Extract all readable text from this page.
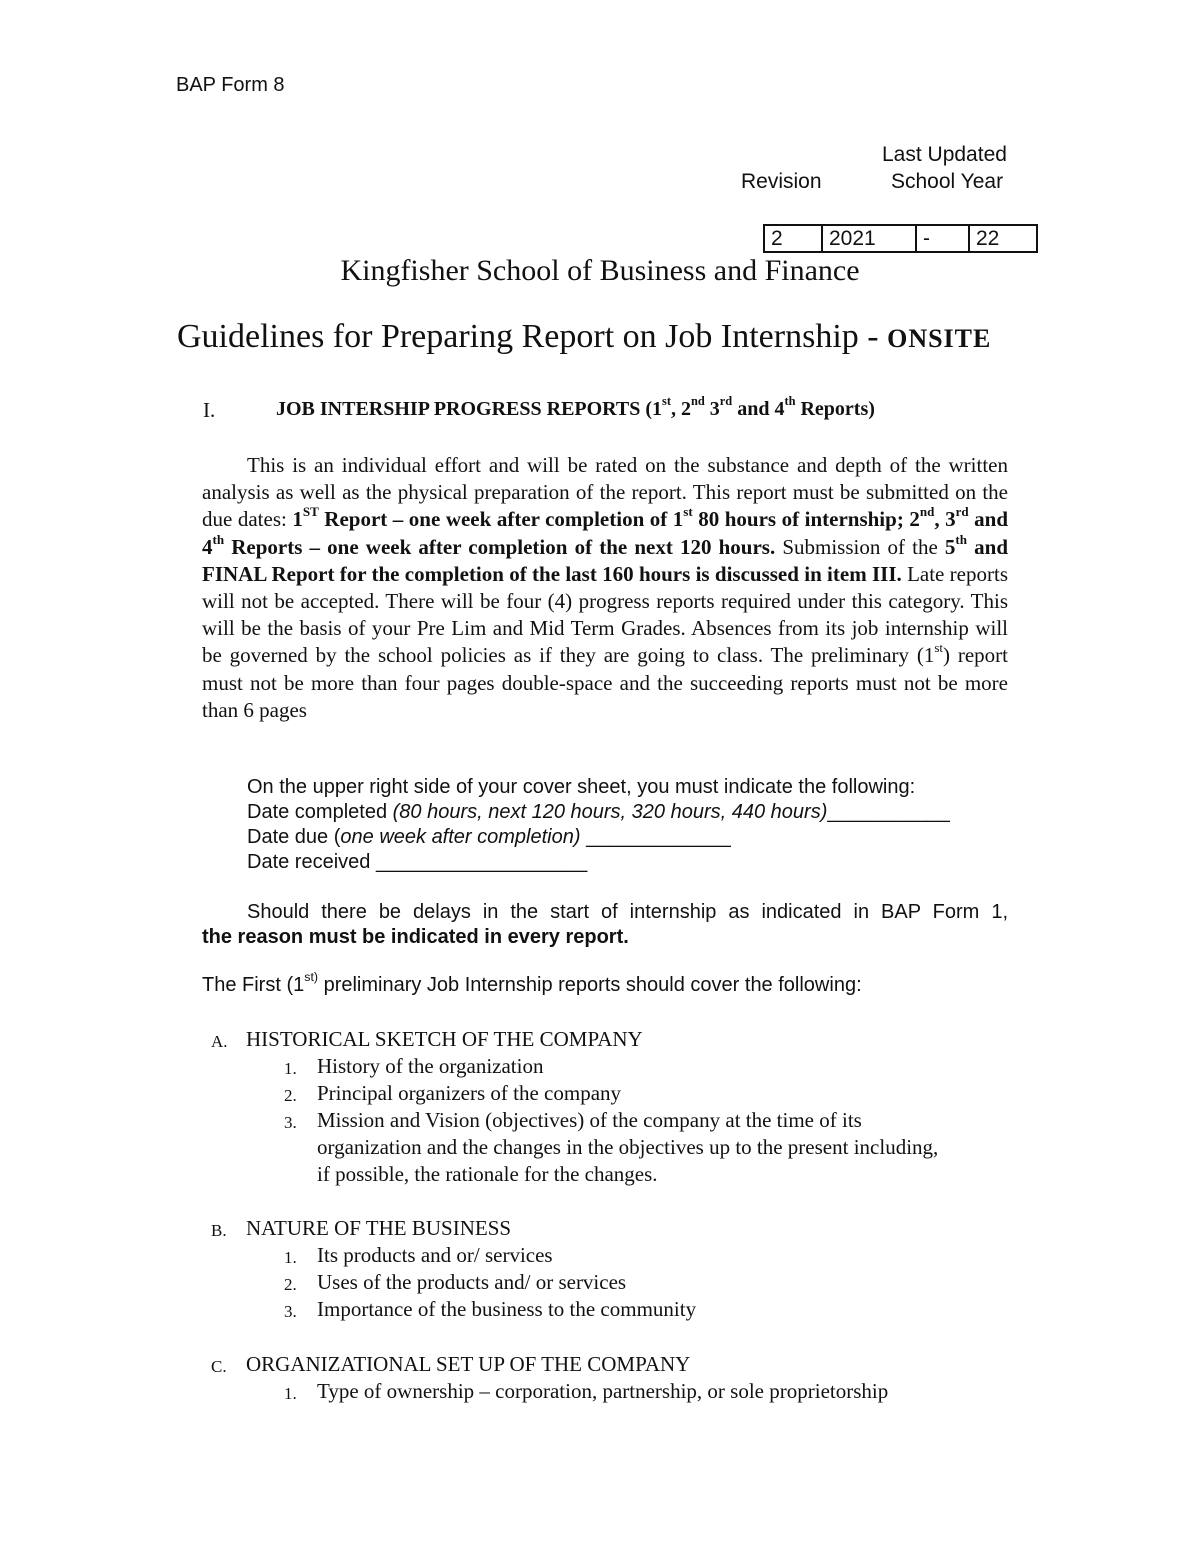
BAP Form 8
Last Updated
Revision	School Year
2	2021	-	22
Kingfisher School of Business and Finance
Guidelines for Preparing Report on Job Internship - ONSITE
I.	JOB INTERSHIP PROGRESS REPORTS (1st, 2nd 3rd and 4th Reports)
This is an individual effort and will be rated on the substance and depth of the written analysis as well as the physical preparation of the report. This report must be submitted on the due dates: 1ST Report – one week after completion of 1st 80 hours of internship; 2nd, 3rd and 4th Reports – one week after completion of the next 120 hours. Submission of the 5th and FINAL Report for the completion of the last 160 hours is discussed in item III. Late reports will not be accepted. There will be four (4) progress reports required under this category. This will be the basis of your Pre Lim and Mid Term Grades. Absences from its job internship will be governed by the school policies as if they are going to class. The preliminary (1st) report must not be more than four pages double-space and the succeeding reports must not be more than 6 pages
On the upper right side of your cover sheet, you must indicate the following:
Date completed (80 hours, next 120 hours, 320 hours, 440 hours)___________
Date due (one week after completion) _____________
Date received ___________________
Should there be delays in the start of internship as indicated in BAP Form 1,
the reason must be indicated in every report.
The First ($1^{st)}$ preliminary Job Internship reports should cover the following:
A. HISTORICAL SKETCH OF THE COMPANY
1. History of the organization
2. Principal organizers of the company
3. Mission and Vision (objectives) of the company at the time of its
organization and the changes in the objectives up to the present including,
if possible, the rationale for the changes.
B. NATURE OF THE BUSINESS
1. Its products and or/ services
2. Uses of the products and/ or services
3. Importance of the business to the community
C. ORGANIZATIONAL SET UP OF THE COMPANY
1. Type of ownership – corporation, partnership, or sole proprietorship
